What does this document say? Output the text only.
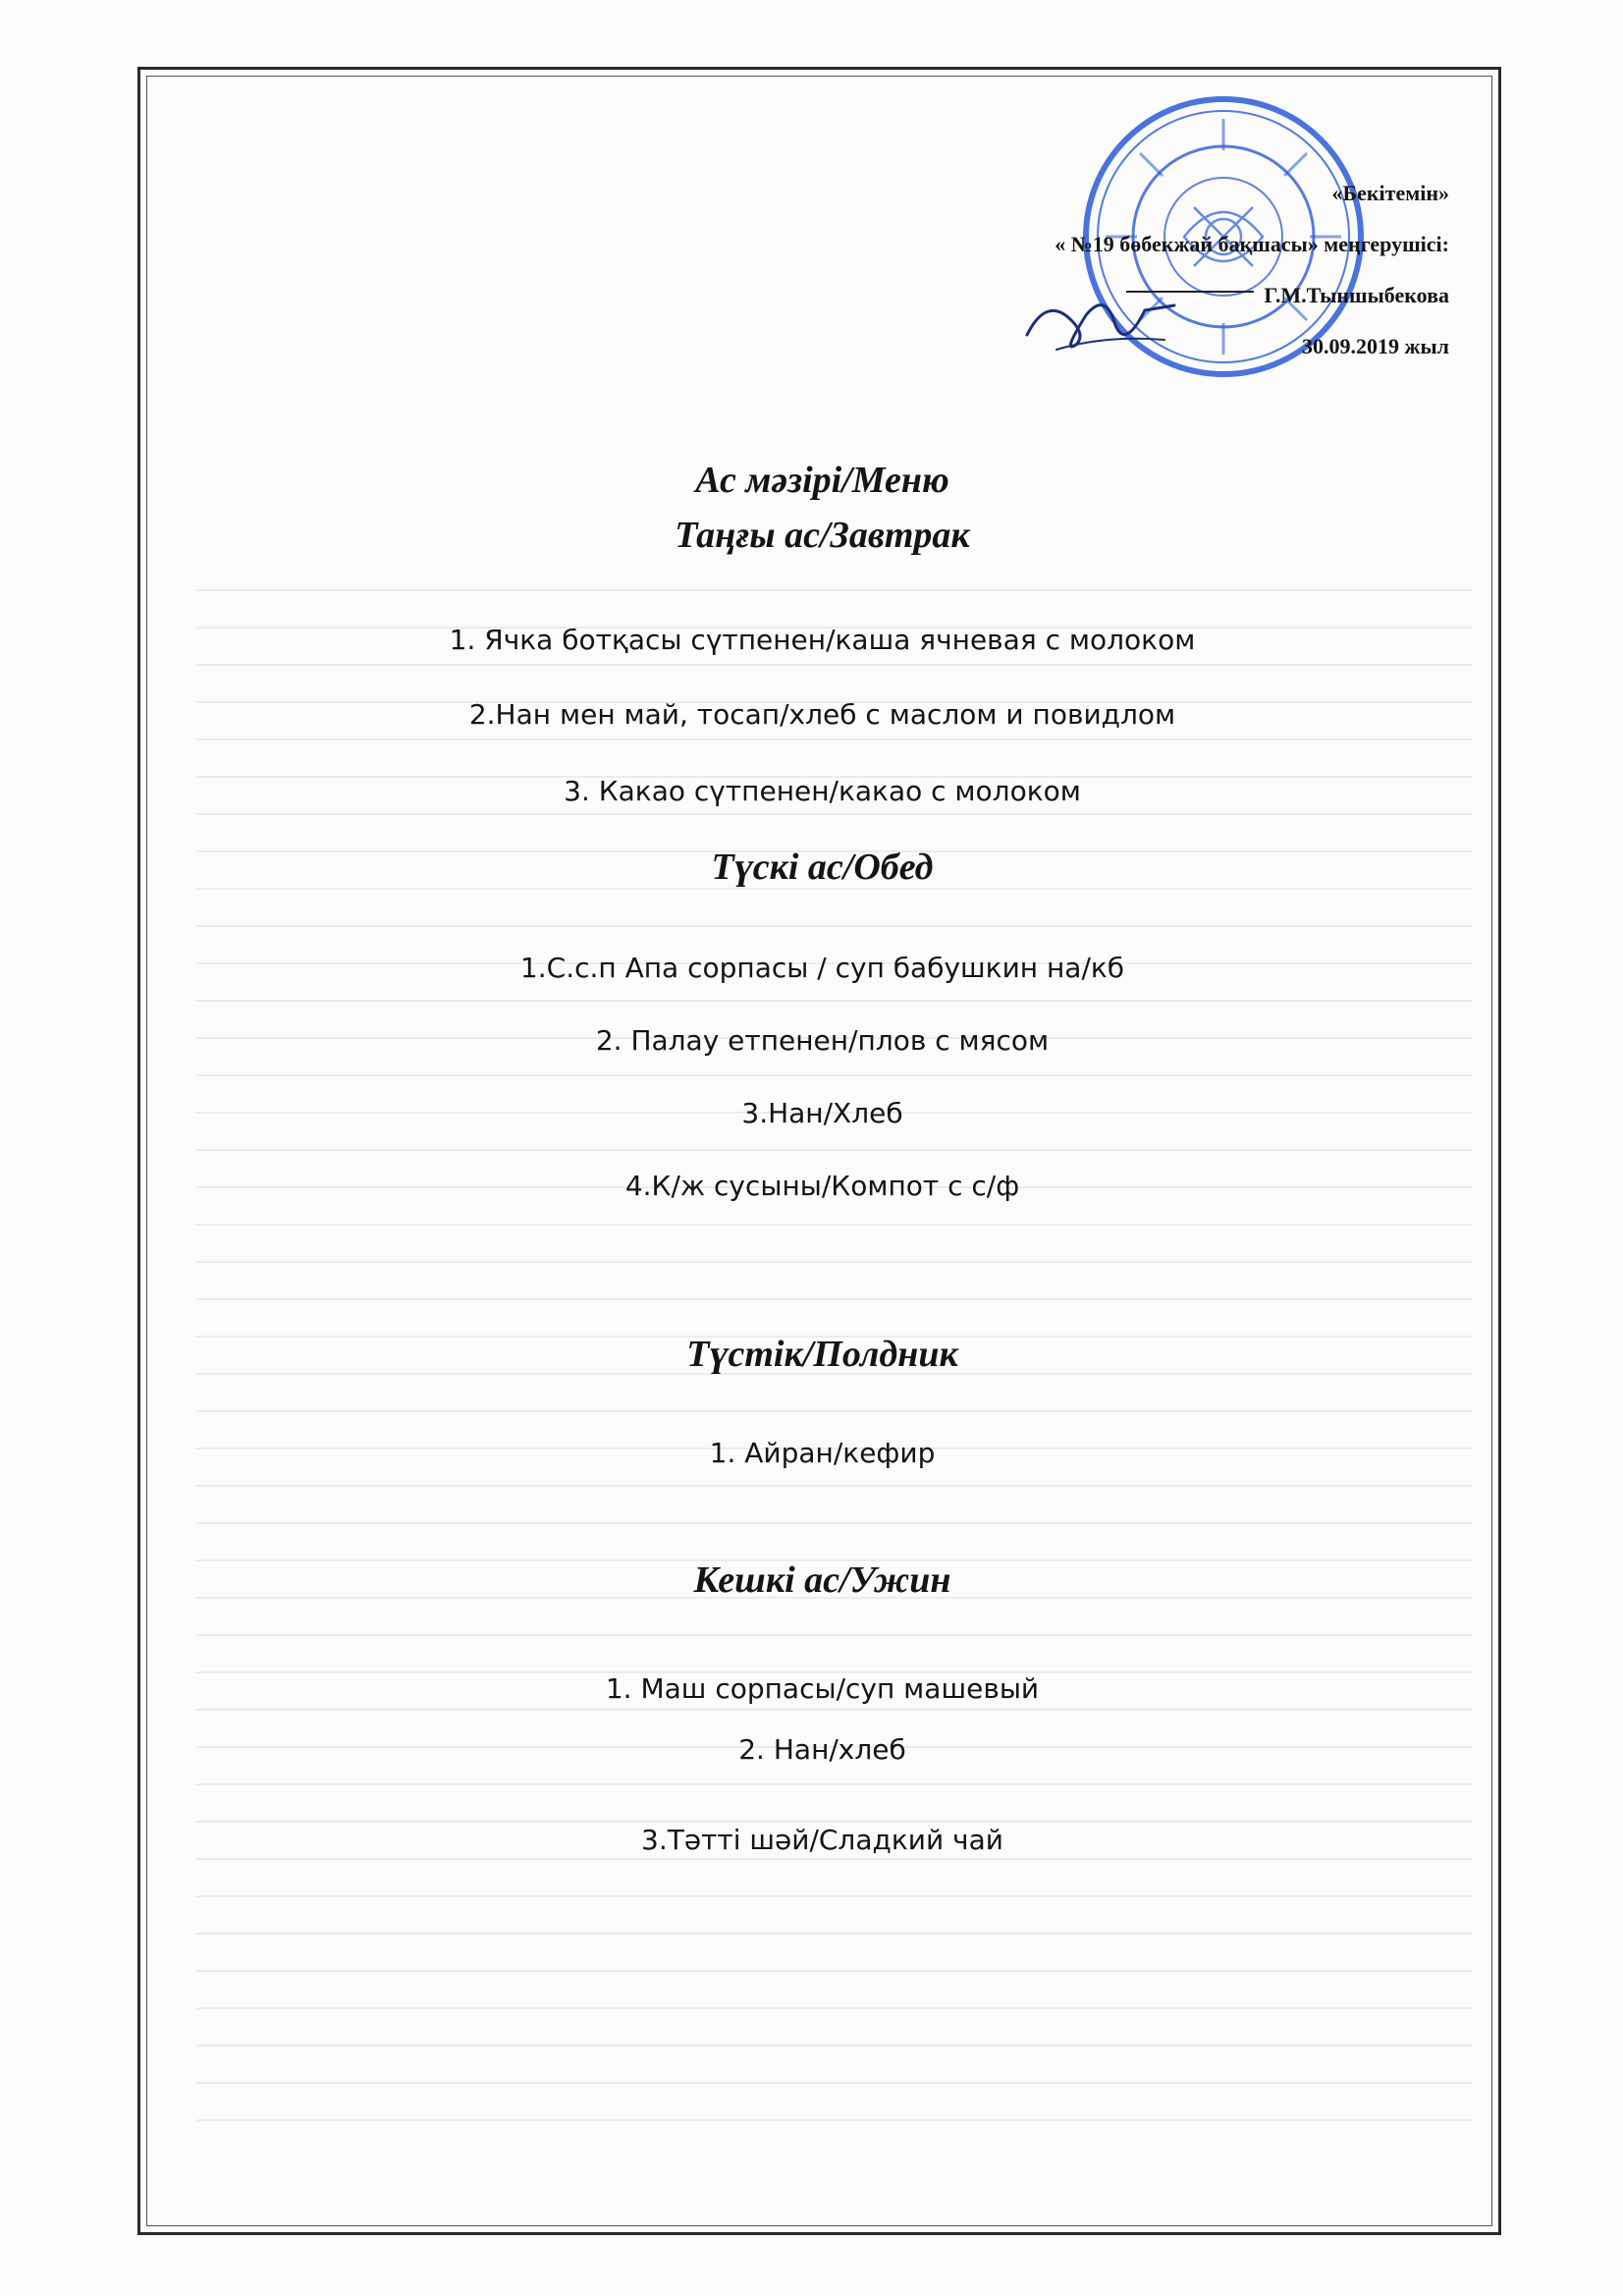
«Бекітемін»
« №19 бөбекжай бақшасы» меңгерушісі:
Г.М.Тыншыбекова
30.09.2019 жыл
Ас мәзірі/Меню
Таңғы ас/Завтрак
1. Ячка ботқасы сүтпенен/каша ячневая с молоком
2.Нан мен май, тосап/хлеб с маслом и повидлом
3. Какао сүтпенен/какао с молоком
Түскі ас/Обед
1.С.с.п Апа сорпасы / суп бабушкин на/кб
2. Палау етпенен/плов с мясом
3.Нан/Хлеб
4.К/ж сусыны/Компот с с/ф
Түстік/Полдник
1. Айран/кефир
Кешкі ас/Ужин
1. Маш сорпасы/суп машевый
2. Нан/хлеб
3.Тәтті шәй/Сладкий чай
